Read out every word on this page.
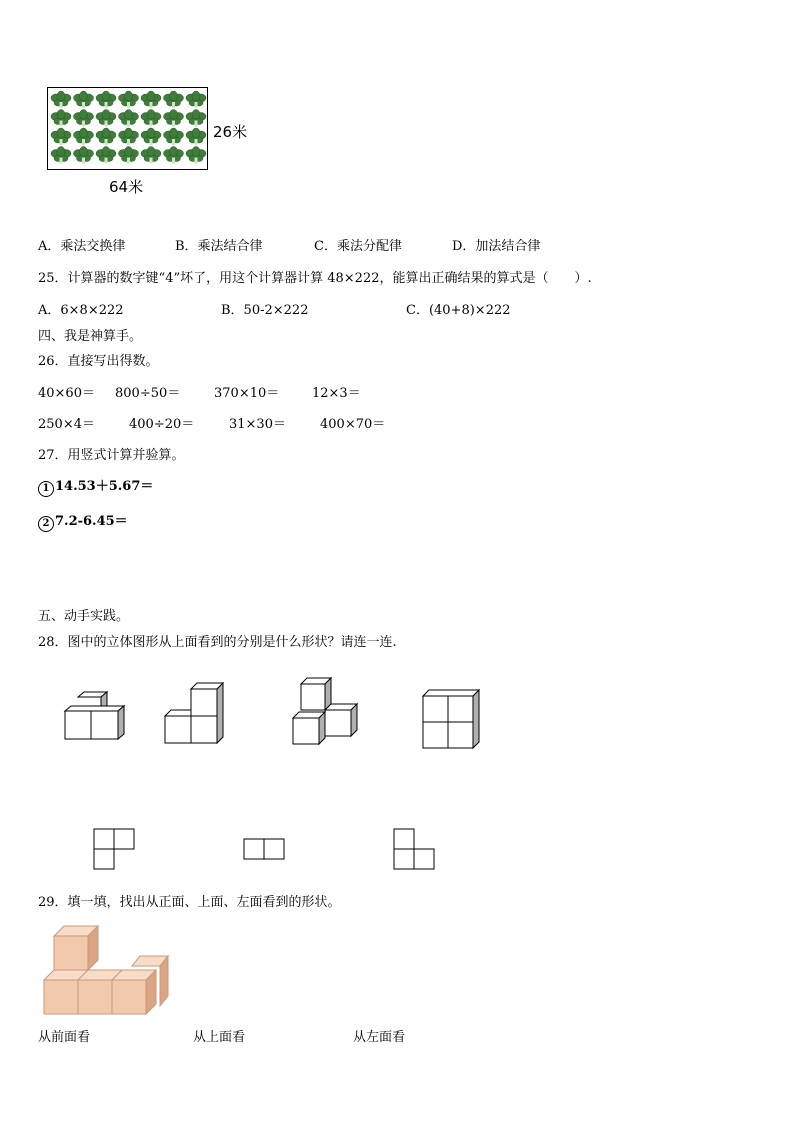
26米
64米
A．乘法交换律	B．乘法结合律	C．乘法分配律	D．加法结合律
25．计算器的数字键“4”坏了，用这个计算器计算 48×222，能算出正确结果的算式是（　　）.
A．6×8×222	B．50-2×222	C．(40+8)×222
四、我是神算手。
26．直接写出得数。
40×60＝ 800÷50＝	370×10＝	12×3＝
250×4＝	400÷20＝	31×30＝	400×70＝
27．用竖式计算并验算。
1 14.53＋5.67＝
2 7.2-6.45＝
五、动手实践。
28．图中的立体图形从上面看到的分别是什么形状？请连一连.
29．填一填，找出从正面、上面、左面看到的形状。
从前面看	从上面看	从左面看
